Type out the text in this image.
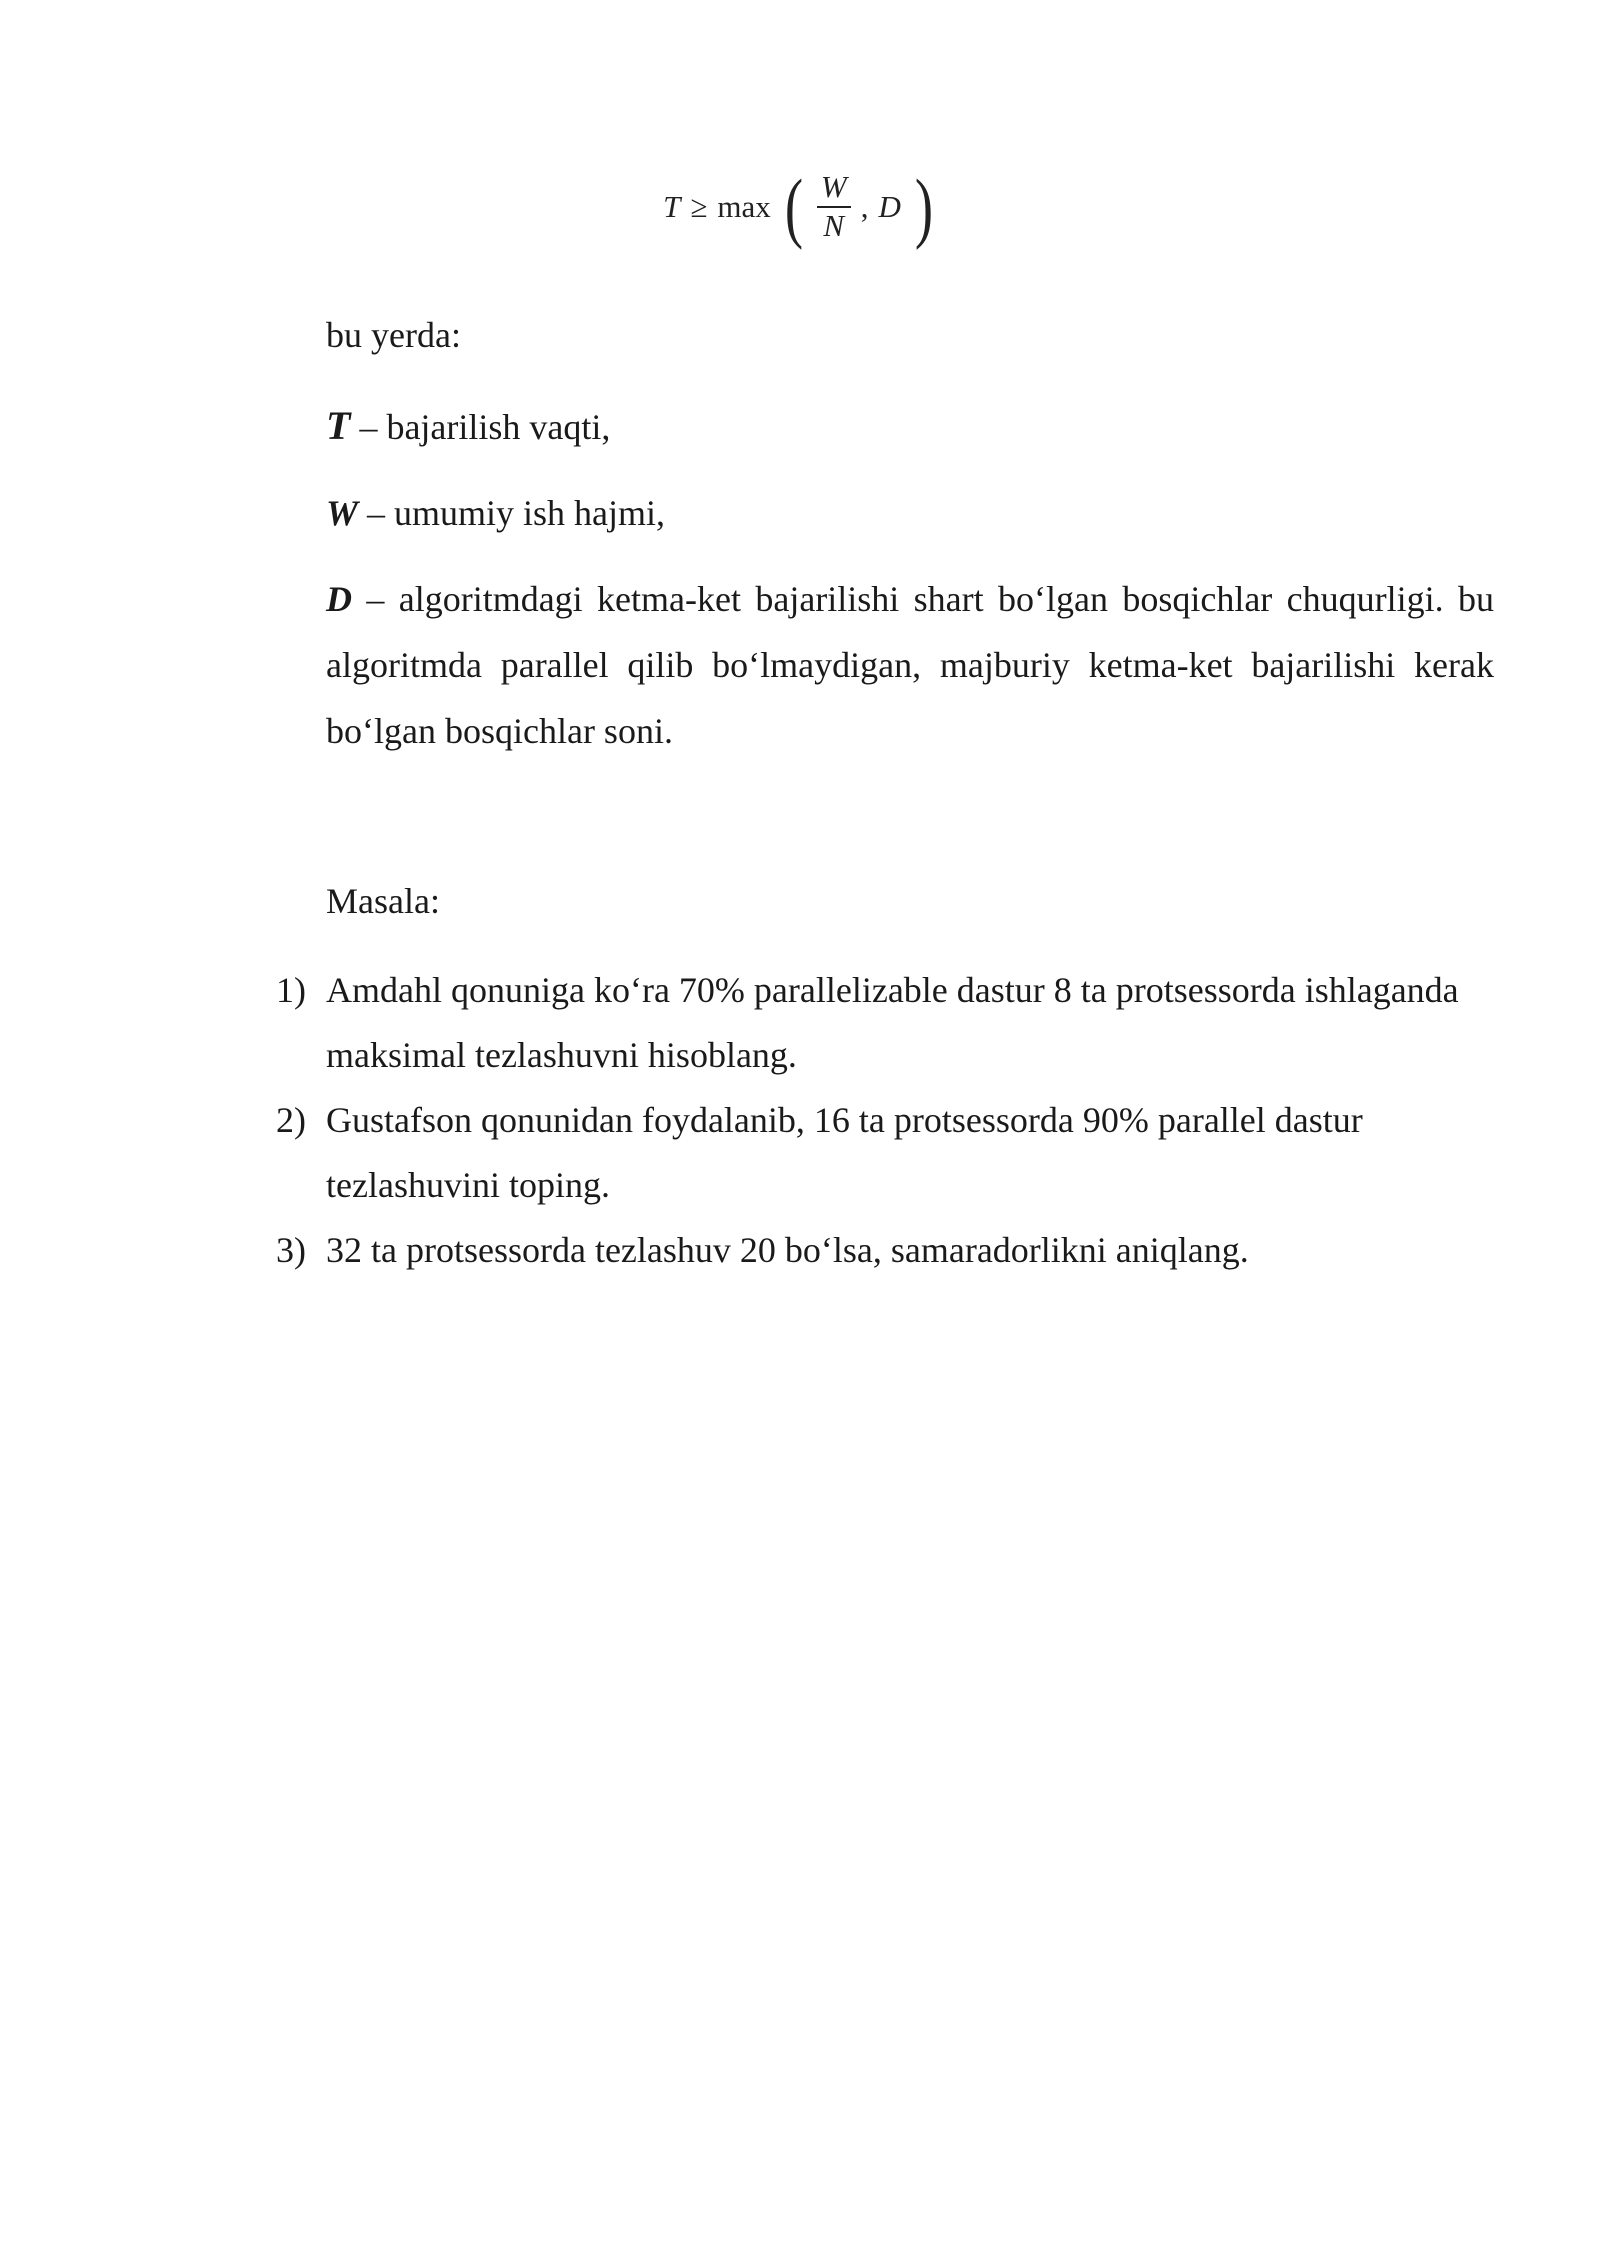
T ≥ max ( $\frac{W}{N}$ , D )

bu yerda:

T – bajarilish vaqti,

W – umumiy ish hajmi,

D – algoritmdagi ketma-ket bajarilishi shart bo‘lgan bosqichlar chuqurligi. bu algoritmda parallel qilib bo‘lmaydigan, majburiy ketma-ket bajarilishi kerak bo‘lgan bosqichlar soni.

Masala:

1) Amdahl qonuniga ko‘ra 70% parallelizable dastur 8 ta protsessorda ishlaganda maksimal tezlashuvni hisoblang.
2) Gustafson qonunidan foydalanib, 16 ta protsessorda 90% parallel dastur tezlashuvini toping.
3) 32 ta protsessorda tezlashuv 20 bo‘lsa, samaradorlikni aniqlang.
